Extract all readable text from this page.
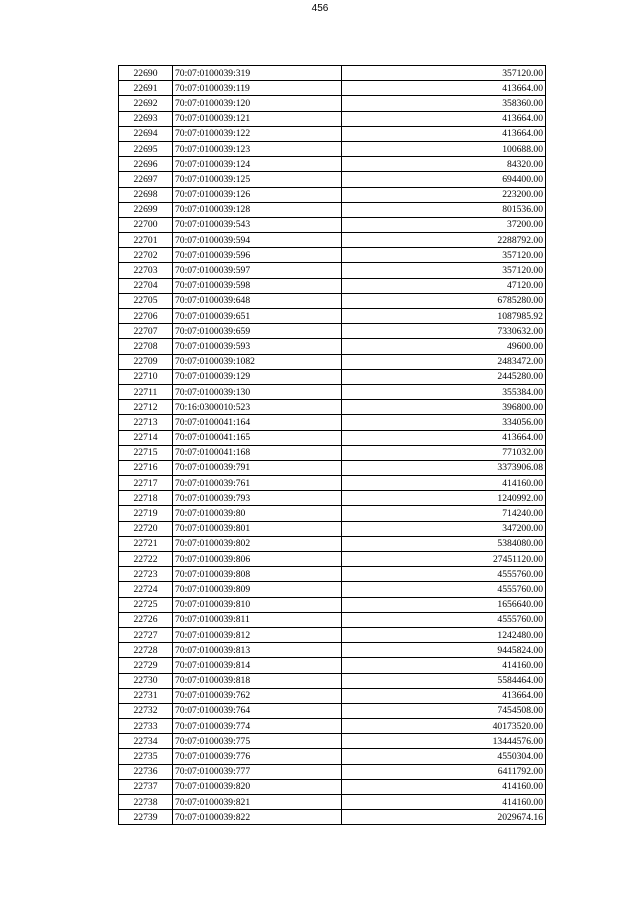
456
22690	70:07:0100039:319	357120.00
22691	70:07:0100039:119	413664.00
22692	70:07:0100039:120	358360.00
22693	70:07:0100039:121	413664.00
22694	70:07:0100039:122	413664.00
22695	70:07:0100039:123	100688.00
22696	70:07:0100039:124	84320.00
22697	70:07:0100039:125	694400.00
22698	70:07:0100039:126	223200.00
22699	70:07:0100039:128	801536.00
22700	70:07:0100039:543	37200.00
22701	70:07:0100039:594	2288792.00
22702	70:07:0100039:596	357120.00
22703	70:07:0100039:597	357120.00
22704	70:07:0100039:598	47120.00
22705	70:07:0100039:648	6785280.00
22706	70:07:0100039:651	1087985.92
22707	70:07:0100039:659	7330632.00
22708	70:07:0100039:593	49600.00
22709	70:07:0100039:1082	2483472.00
22710	70:07:0100039:129	2445280.00
22711	70:07:0100039:130	355384.00
22712	70:16:0300010:523	396800.00
22713	70:07:0100041:164	334056.00
22714	70:07:0100041:165	413664.00
22715	70:07:0100041:168	771032.00
22716	70:07:0100039:791	3373906.08
22717	70:07:0100039:761	414160.00
22718	70:07:0100039:793	1240992.00
22719	70:07:0100039:80	714240.00
22720	70:07:0100039:801	347200.00
22721	70:07:0100039:802	5384080.00
22722	70:07:0100039:806	27451120.00
22723	70:07:0100039:808	4555760.00
22724	70:07:0100039:809	4555760.00
22725	70:07:0100039:810	1656640.00
22726	70:07:0100039:811	4555760.00
22727	70:07:0100039:812	1242480.00
22728	70:07:0100039:813	9445824.00
22729	70:07:0100039:814	414160.00
22730	70:07:0100039:818	5584464.00
22731	70:07:0100039:762	413664.00
22732	70:07:0100039:764	7454508.00
22733	70:07:0100039:774	40173520.00
22734	70:07:0100039:775	13444576.00
22735	70:07:0100039:776	4550304.00
22736	70:07:0100039:777	6411792.00
22737	70:07:0100039:820	414160.00
22738	70:07:0100039:821	414160.00
22739	70:07:0100039:822	2029674.16
